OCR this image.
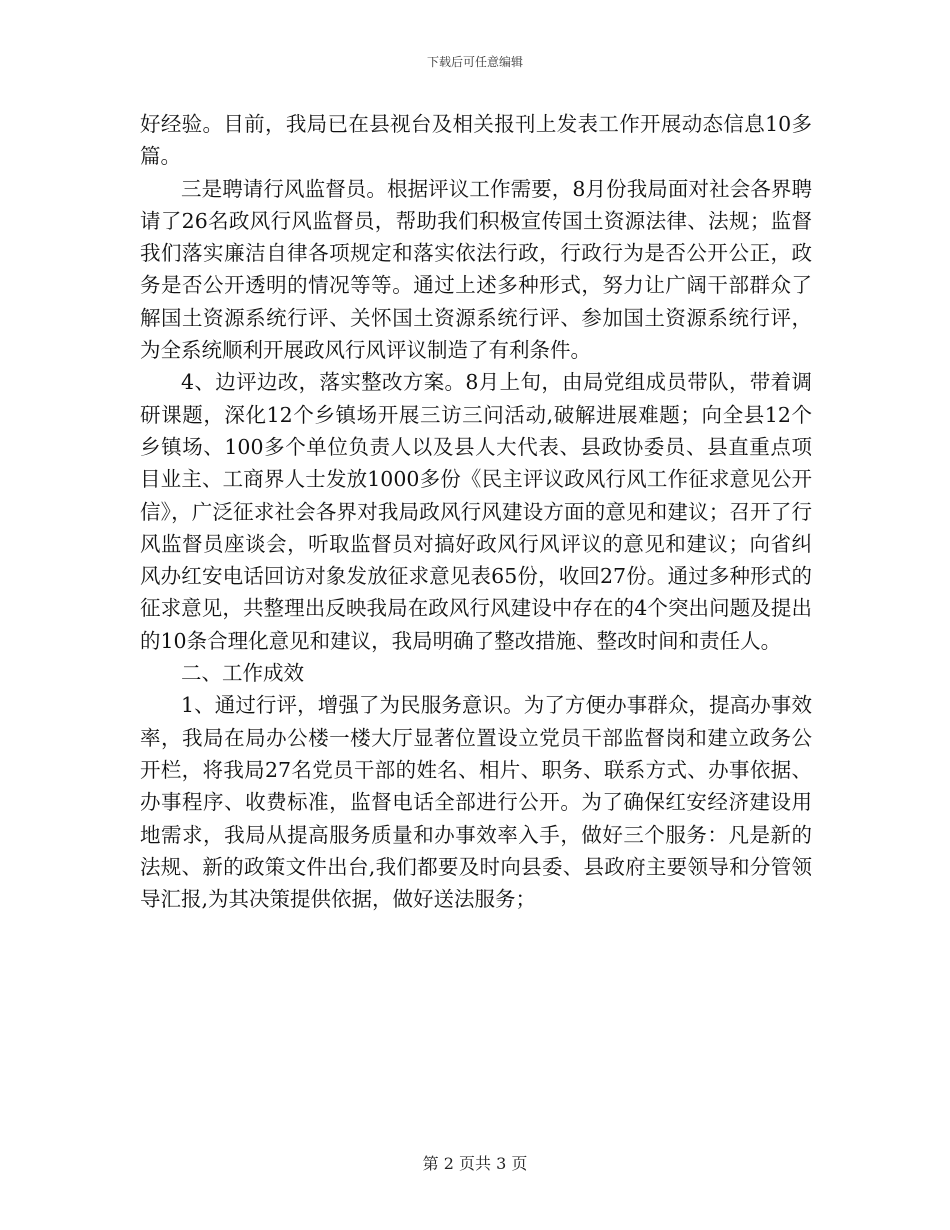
下载后可任意编辑

好经验。目前，我局已在县视台及相关报刊上发表工作开展动态信息10多篇。

三是聘请行风监督员。根据评议工作需要，8月份我局面对社会各界聘请了26名政风行风监督员，帮助我们积极宣传国土资源法律、法规；监督我们落实廉洁自律各项规定和落实依法行政，行政行为是否公开公正，政务是否公开透明的情况等等。通过上述多种形式，努力让广阔干部群众了解国土资源系统行评、关怀国土资源系统行评、参加国土资源系统行评，为全系统顺利开展政风行风评议制造了有利条件。

4、边评边改，落实整改方案。8月上旬，由局党组成员带队，带着调研课题，深化12个乡镇场开展三访三问活动,破解进展难题；向全县12个乡镇场、100多个单位负责人以及县人大代表、县政协委员、县直重点项目业主、工商界人士发放1000多份《民主评议政风行风工作征求意见公开信》，广泛征求社会各界对我局政风行风建设方面的意见和建议；召开了行风监督员座谈会，听取监督员对搞好政风行风评议的意见和建议；向省纠风办红安电话回访对象发放征求意见表65份，收回27份。通过多种形式的征求意见，共整理出反映我局在政风行风建设中存在的4个突出问题及提出的10条合理化意见和建议，我局明确了整改措施、整改时间和责任人。

二、工作成效

1、通过行评，增强了为民服务意识。为了方便办事群众，提高办事效率，我局在局办公楼一楼大厅显著位置设立党员干部监督岗和建立政务公开栏，将我局27名党员干部的姓名、相片、职务、联系方式、办事依据、办事程序、收费标准，监督电话全部进行公开。为了确保红安经济建设用地需求，我局从提高服务质量和办事效率入手，做好三个服务：凡是新的法规、新的政策文件出台,我们都要及时向县委、县政府主要领导和分管领导汇报,为其决策提供依据，做好送法服务；

第 2 页共 3 页
